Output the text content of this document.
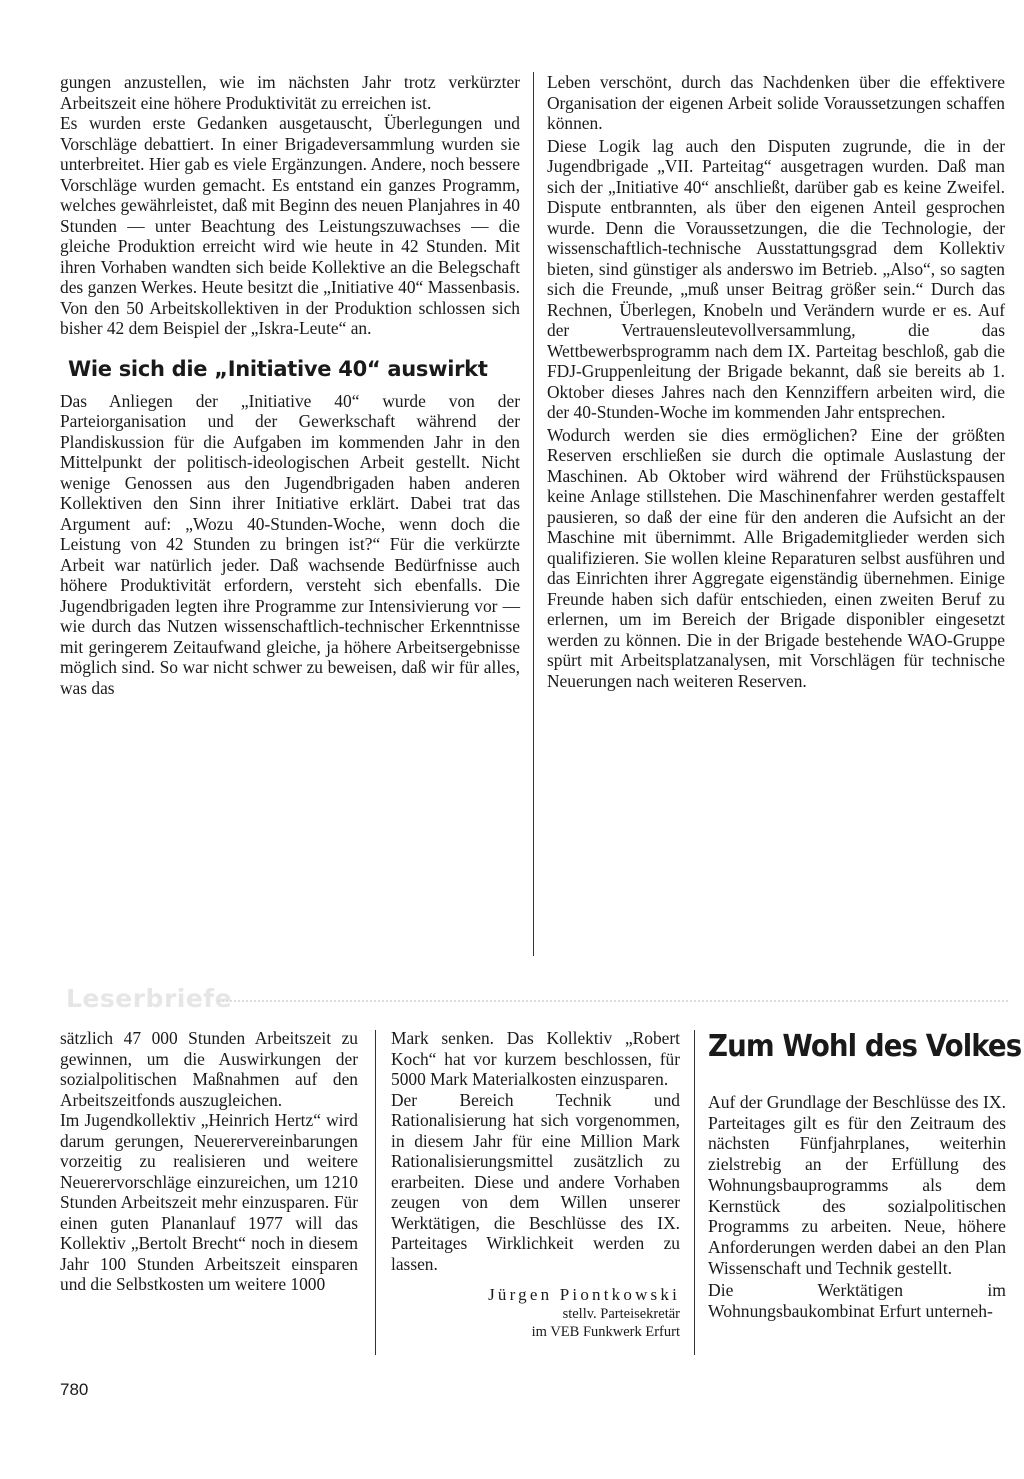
gungen anzustellen, wie im nächsten Jahr trotz verkürzter Arbeitszeit eine höhere Produktivität zu erreichen ist.

Es wurden erste Gedanken ausgetauscht, Überlegungen und Vorschläge debattiert. In einer Brigadeversammlung wurden sie unterbreitet. Hier gab es viele Ergänzungen. Andere, noch bessere Vorschläge wurden gemacht. Es entstand ein ganzes Programm, welches gewährleistet, daß mit Beginn des neuen Planjahres in 40 Stunden — unter Beachtung des Leistungszuwachses — die gleiche Produktion erreicht wird wie heute in 42 Stunden. Mit ihren Vorhaben wandten sich beide Kollektive an die Belegschaft des ganzen Werkes. Heute besitzt die „Initiative 40“ Massenbasis. Von den 50 Arbeitskollektiven in der Produktion schlossen sich bisher 42 dem Beispiel der „Iskra-Leute“ an.

Wie sich die „Initiative 40“ auswirkt

Das Anliegen der „Initiative 40“ wurde von der Parteiorganisation und der Gewerkschaft während der Plandiskussion für die Aufgaben im kommenden Jahr in den Mittelpunkt der politisch-ideologischen Arbeit gestellt. Nicht wenige Genossen aus den Jugendbrigaden haben anderen Kollektiven den Sinn ihrer Initiative erklärt. Dabei trat das Argument auf: „Wozu 40-Stunden-Woche, wenn doch die Leistung von 42 Stunden zu bringen ist?“ Für die verkürzte Arbeit war natürlich jeder. Daß wachsende Bedürfnisse auch höhere Produktivität erfordern, versteht sich ebenfalls. Die Jugendbrigaden legten ihre Programme zur Intensivierung vor — wie durch das Nutzen wissenschaftlich-technischer Erkenntnisse mit geringerem Zeitaufwand gleiche, ja höhere Arbeitsergebnisse möglich sind. So war nicht schwer zu beweisen, daß wir für alles, was das

Leben verschönt, durch das Nachdenken über die effektivere Organisation der eigenen Arbeit solide Voraussetzungen schaffen können.

Diese Logik lag auch den Disputen zugrunde, die in der Jugendbrigade „VII. Parteitag“ ausgetragen wurden. Daß man sich der „Initiative 40“ anschließt, darüber gab es keine Zweifel. Dispute entbrannten, als über den eigenen Anteil gesprochen wurde. Denn die Voraussetzungen, die die Technologie, der wissenschaftlich-technische Ausstattungsgrad dem Kollektiv bieten, sind günstiger als anderswo im Betrieb. „Also“, so sagten sich die Freunde, „muß unser Beitrag größer sein.“ Durch das Rechnen, Überlegen, Knobeln und Verändern wurde er es. Auf der Vertrauensleutevollversammlung, die das Wettbewerbsprogramm nach dem IX. Parteitag beschloß, gab die FDJ-Gruppenleitung der Brigade bekannt, daß sie bereits ab 1. Oktober dieses Jahres nach den Kennziffern arbeiten wird, die der 40-Stunden-Woche im kommenden Jahr entsprechen.

Wodurch werden sie dies ermöglichen? Eine der größten Reserven erschließen sie durch die optimale Auslastung der Maschinen. Ab Oktober wird während der Frühstückspausen keine Anlage stillstehen. Die Maschinenfahrer werden gestaffelt pausieren, so daß der eine für den anderen die Aufsicht an der Maschine mit übernimmt. Alle Brigademitglieder werden sich qualifizieren. Sie wollen kleine Reparaturen selbst ausführen und das Einrichten ihrer Aggregate eigenständig übernehmen. Einige Freunde haben sich dafür entschieden, einen zweiten Beruf zu erlernen, um im Bereich der Brigade disponibler eingesetzt werden zu können. Die in der Brigade bestehende WAO-Gruppe spürt mit Arbeitsplatzanalysen, mit Vorschlägen für technische Neuerungen nach weiteren Reserven.

Leserbriefe

sätzlich 47 000 Stunden Arbeitszeit zu gewinnen, um die Auswirkungen der sozialpolitischen Maßnahmen auf den Arbeitszeitfonds auszugleichen.

Im Jugendkollektiv „Heinrich Hertz“ wird darum gerungen, Neuerervereinbarungen vorzeitig zu realisieren und weitere Neuerervorschläge einzureichen, um 1210 Stunden Arbeitszeit mehr einzusparen. Für einen guten Plananlauf 1977 will das Kollektiv „Bertolt Brecht“ noch in diesem Jahr 100 Stunden Arbeitszeit einsparen und die Selbstkosten um weitere 1000

Mark senken. Das Kollektiv „Robert Koch“ hat vor kurzem beschlossen, für 5000 Mark Materialkosten einzusparen.

Der Bereich Technik und Rationalisierung hat sich vorgenommen, in diesem Jahr für eine Million Mark Rationalisierungsmittel zusätzlich zu erarbeiten. Diese und andere Vorhaben zeugen von dem Willen unserer Werktätigen, die Beschlüsse des IX. Parteitages Wirklichkeit werden zu lassen.

Jürgen Piontkowski
stellv. Parteisekretär
im VEB Funkwerk Erfurt
Zum Wohl des Volkes

Auf der Grundlage der Beschlüsse des IX. Parteitages gilt es für den Zeitraum des nächsten Fünfjahrplanes, weiterhin zielstrebig an der Erfüllung des Wohnungsbauprogramms als dem Kernstück des sozialpolitischen Programms zu arbeiten. Neue, höhere Anforderungen werden dabei an den Plan Wissenschaft und Technik gestellt.

Die Werktätigen im Wohnungsbaukombinat Erfurt unterneh-

780
